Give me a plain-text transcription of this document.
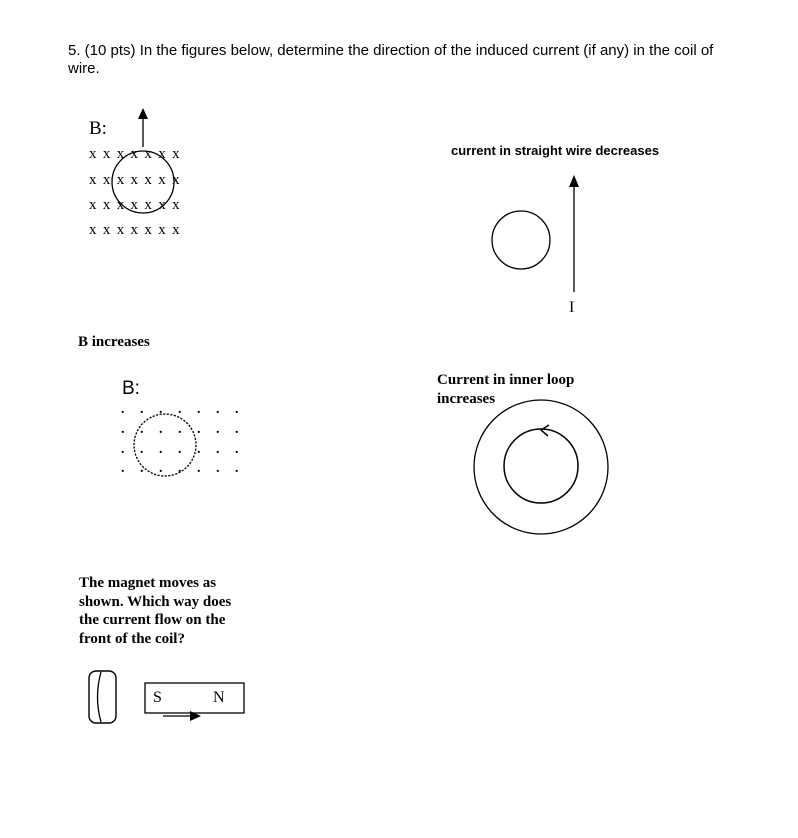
5. (10 pts) In the figures below, determine the direction of the induced current (if any) in the coil of wire.
B:
x x x x x x x
x x x x x x x
x x x x x x x
x x x x x x x
B increases
current in straight wire decreases
I
B:
. . . . . . .
. . . . . . .
. . . . . . .
. . . . . . .
Current in inner loop
increases
The magnet moves as
shown. Which way does
the current flow on the
front of the coil?
S	N
